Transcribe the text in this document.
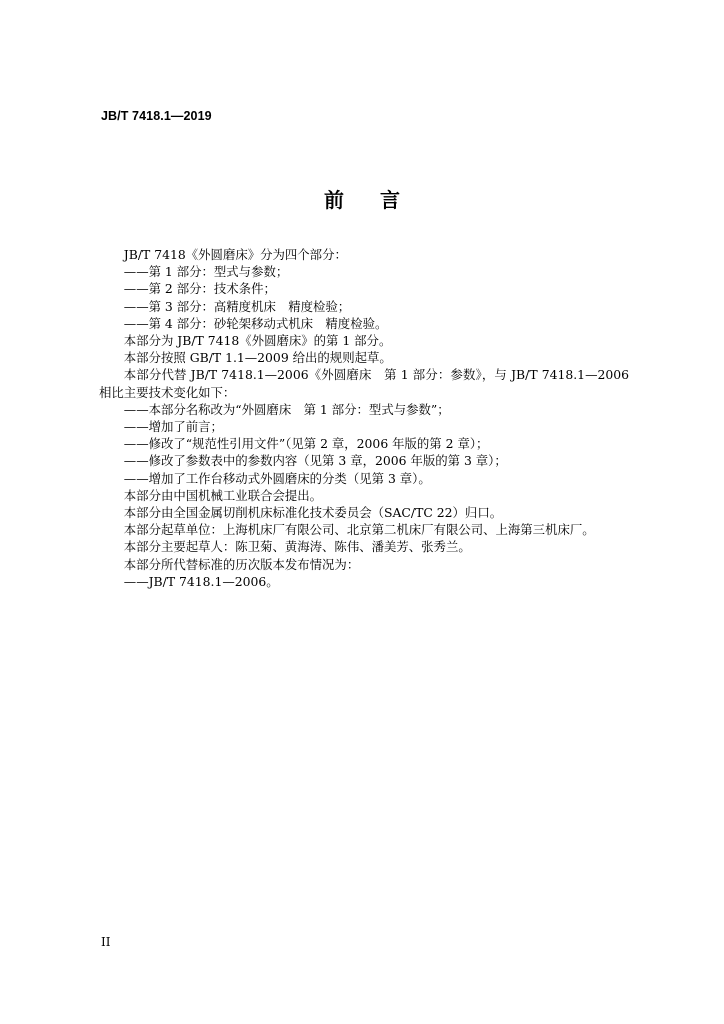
JB/T 7418.1—2019
前 言

JB/T 7418《外圆磨床》分为四个部分：

——第 1 部分：型式与参数；

——第 2 部分：技术条件；

——第 3 部分：高精度机床　精度检验；

——第 4 部分：砂轮架移动式机床　精度检验。

本部分为 JB/T 7418《外圆磨床》的第 1 部分。

本部分按照 GB/T 1.1—2009 给出的规则起草。

本部分代替 JB/T 7418.1—2006《外圆磨床　第 1 部分：参数》，与 JB/T 7418.1—2006 相比主要技术变化如下：

——本部分名称改为“外圆磨床　第 1 部分：型式与参数”；

——增加了前言；

——修改了“规范性引用文件”（见第 2 章，2006 年版的第 2 章）；

——修改了参数表中的参数内容（见第 3 章，2006 年版的第 3 章）；

——增加了工作台移动式外圆磨床的分类（见第 3 章）。

本部分由中国机械工业联合会提出。

本部分由全国金属切削机床标准化技术委员会（SAC/TC 22）归口。

本部分起草单位：上海机床厂有限公司、北京第二机床厂有限公司、上海第三机床厂。

本部分主要起草人：陈卫菊、黄海涛、陈伟、潘美芳、张秀兰。

本部分所代替标准的历次版本发布情况为：

——JB/T 7418.1—2006。

II
